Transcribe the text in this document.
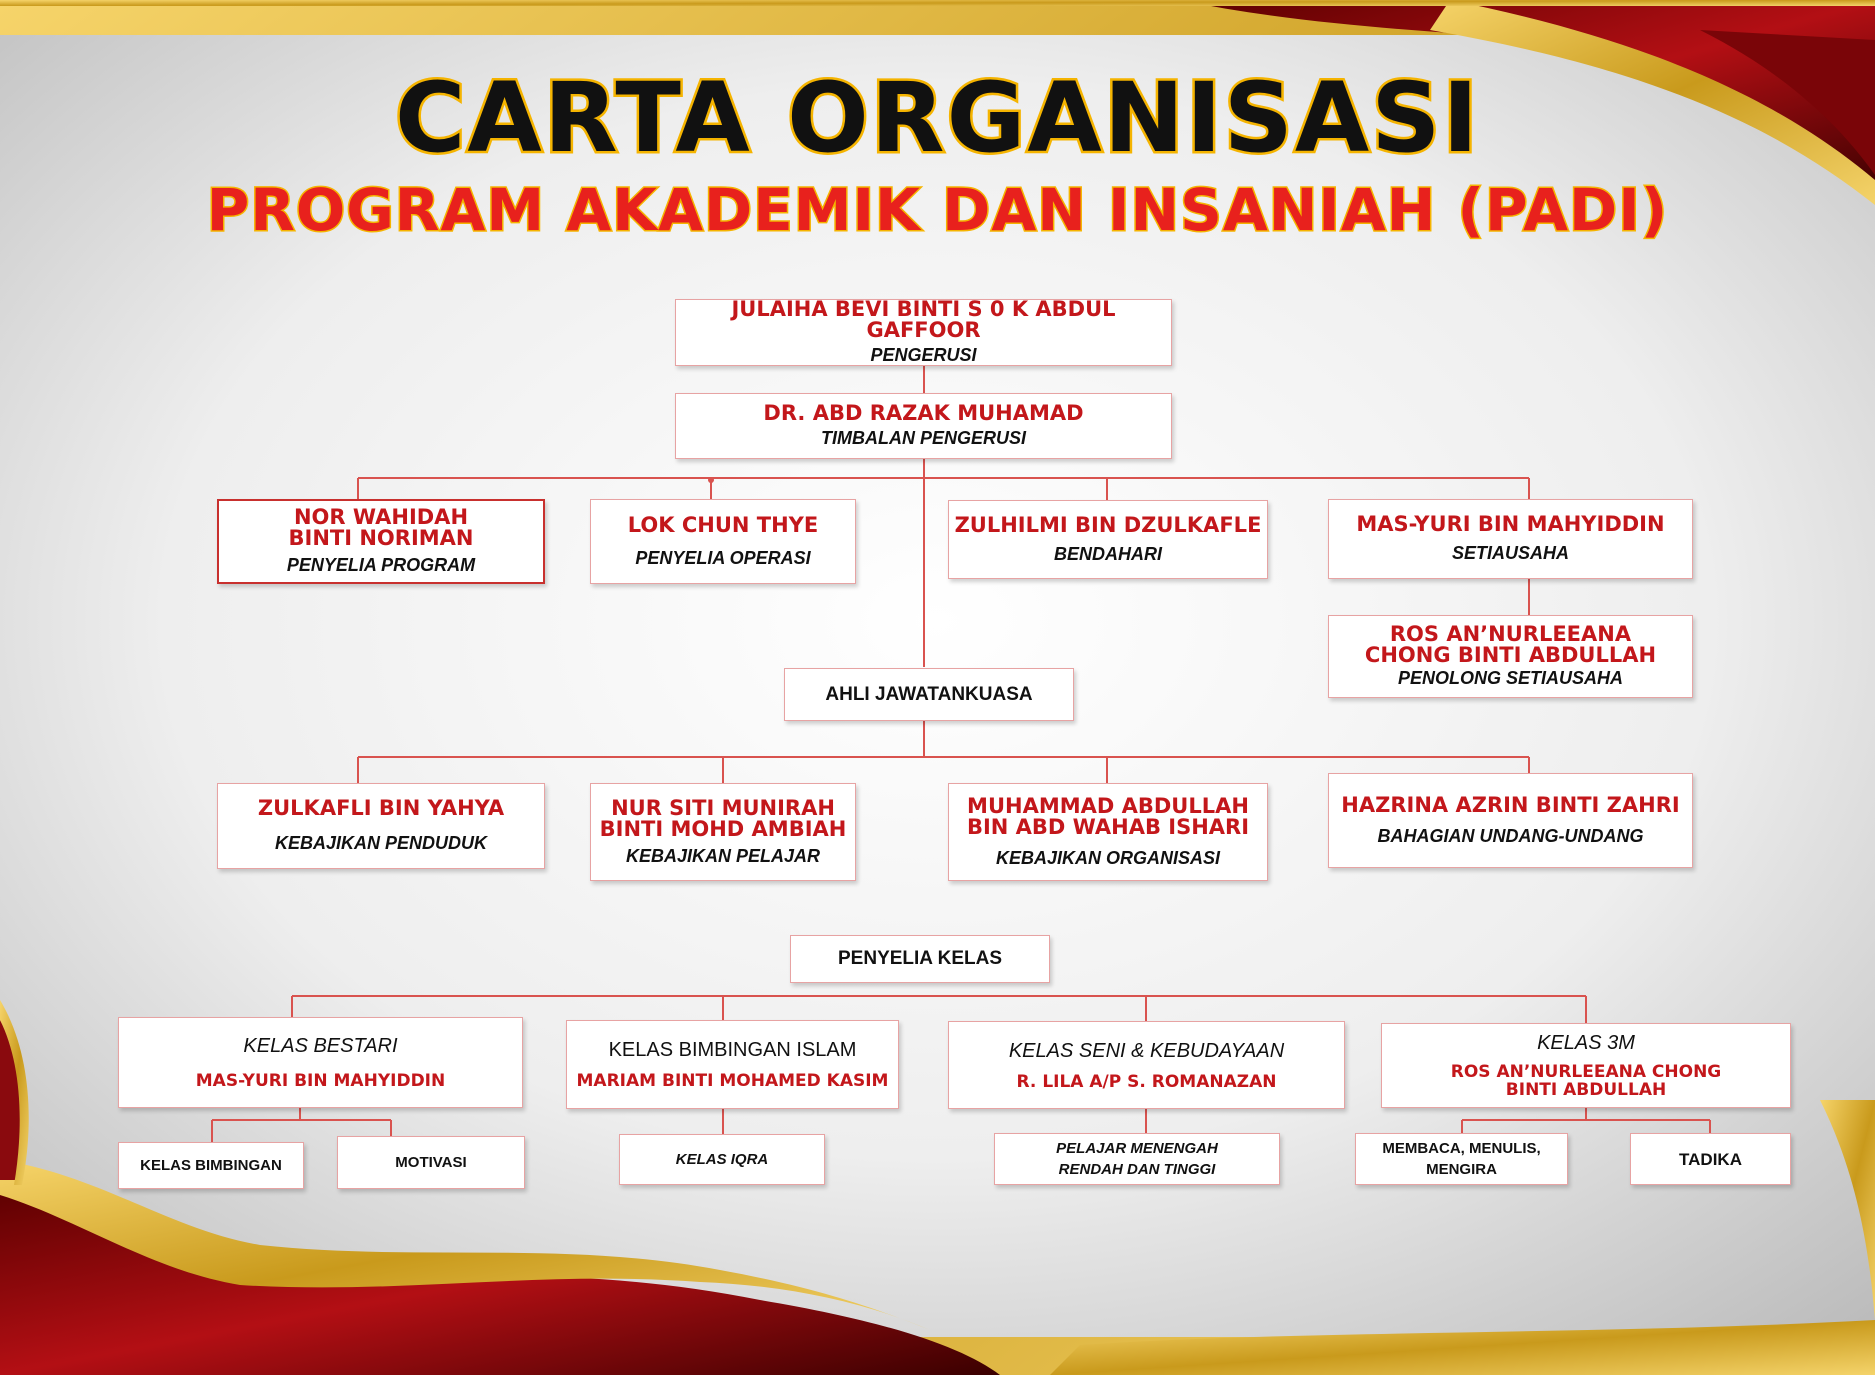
CARTA ORGANISASI
PROGRAM AKADEMIK DAN INSANIAH (PADI)
JULAIHA BEVI BINTI S 0 K ABDUL GAFFOOR
PENGERUSI
DR. ABD RAZAK MUHAMAD
TIMBALAN PENGERUSI
NOR WAHIDAH
BINTI NORIMAN
PENYELIA PROGRAM
LOK CHUN THYE
PENYELIA OPERASI
ZULHILMI BIN DZULKAFLE
BENDAHARI
MAS-YURI BIN MAHYIDDIN
SETIAUSAHA
ROS AN’NURLEEANA
CHONG BINTI ABDULLAH
PENOLONG SETIAUSAHA
AHLI JAWATANKUASA
ZULKAFLI BIN YAHYA
KEBAJIKAN PENDUDUK
NUR SITI MUNIRAH
BINTI MOHD AMBIAH
KEBAJIKAN PELAJAR
MUHAMMAD ABDULLAH
BIN ABD WAHAB ISHARI
KEBAJIKAN ORGANISASI
HAZRINA AZRIN BINTI ZAHRI
BAHAGIAN UNDANG-UNDANG
PENYELIA KELAS
KELAS BESTARI
MAS-YURI BIN MAHYIDDIN
KELAS BIMBINGAN ISLAM
MARIAM BINTI MOHAMED KASIM
KELAS SENI & KEBUDAYAAN
R. LILA A/P S. ROMANAZAN
KELAS 3M
ROS AN’NURLEEANA CHONG
BINTI ABDULLAH
KELAS BIMBINGAN	MOTIVASI	KELAS IQRA
PELAJAR MENENGAH
RENDAH DAN TINGGI
MEMBACA, MENULIS,
MENGIRA
TADIKA
